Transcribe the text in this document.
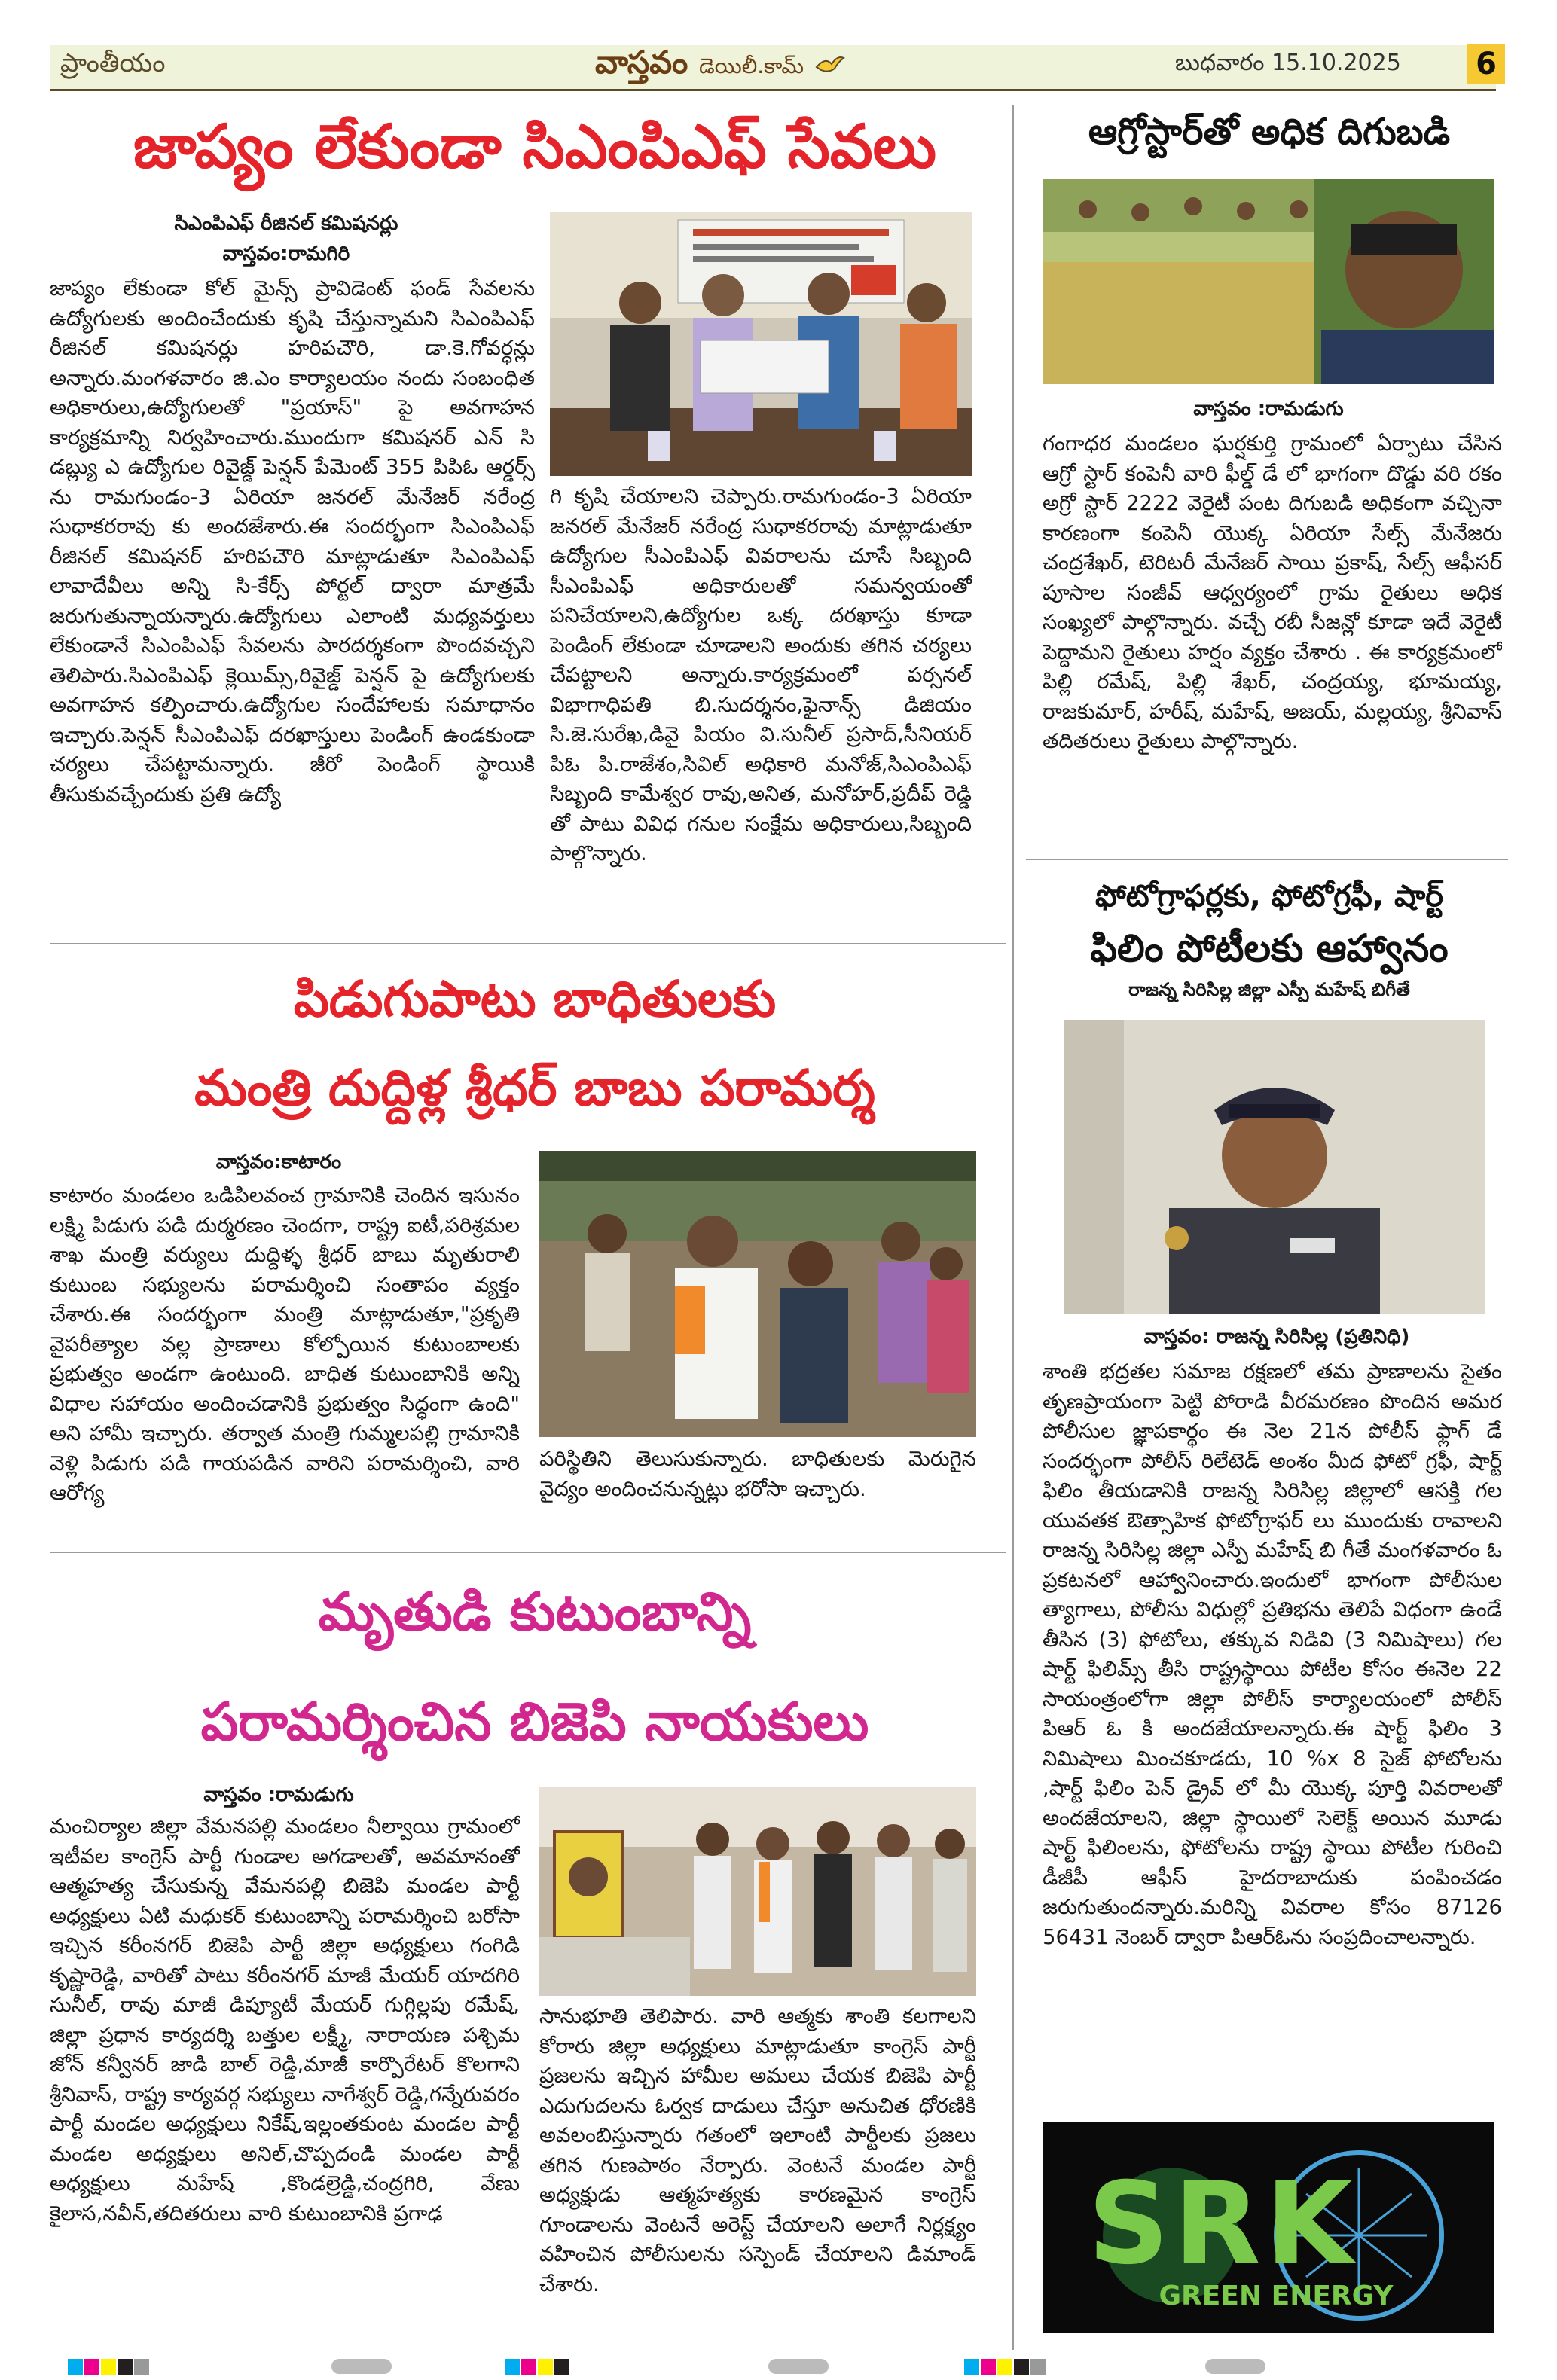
ప్రాంతీయం	వాస్తవం డెయిలీ.కామ్	బుధవారం 15.10.2025 6
జాప్యం లేకుండా సిఎంపిఎఫ్ సేవలు
సిఎంపిఎఫ్ రీజినల్ కమిషనర్లు
వాస్తవం:రామగిరి

జాప్యం లేకుండా కోల్ మైన్స్ ప్రావిడెంట్ ఫండ్ సేవలను ఉద్యోగులకు అందించేందుకు కృషి చేస్తున్నామని సిఎంపిఎఫ్ రీజినల్ కమిషనర్లు హరిపచౌరి, డా.కె.గోవర్ధన్లు అన్నారు.మంగళవారం జి.ఎం కార్యాలయం నందు సంబంధిత అధికారులు,ఉద్యోగులతో "ప్రయాస్" పై అవగాహన కార్యక్రమాన్ని నిర్వహించారు.ముందుగా కమిషనర్ ఎన్ సి డబ్ల్యు ఎ ఉద్యోగుల రివైజ్డ్ పెన్షన్ పేమెంట్ 355 పిపిఓ ఆర్డర్స్ ను రామగుండం-3 ఏరియా జనరల్ మేనేజర్ నరేంద్ర సుధాకరరావు కు అందజేశారు.ఈ సందర్భంగా సిఎంపిఎఫ్ రీజినల్ కమిషనర్ హరిపచౌరి మాట్లాడుతూ సిఎంపిఎఫ్ లావాదేవీలు అన్ని సి-కేర్స్ పోర్టల్ ద్వారా మాత్రమే జరుగుతున్నాయన్నారు.ఉద్యోగులు ఎలాంటి మధ్యవర్తులు లేకుండానే సిఎంపిఎఫ్ సేవలను పారదర్శకంగా పొందవచ్చని తెలిపారు.సిఎంపిఎఫ్ క్లెయిమ్స్,రివైజ్డ్ పెన్షన్ పై ఉద్యోగులకు అవగాహన కల్పించారు.ఉద్యోగుల సందేహాలకు సమాధానం ఇచ్చారు.పెన్షన్ సీఎంపిఎఫ్ దరఖాస్తులు పెండింగ్ ఉండకుండా చర్యలు చేపట్టామన్నారు. జీరో పెండింగ్ స్థాయికి తీసుకువచ్చేందుకు ప్రతి ఉద్యో

గి కృషి చేయాలని చెప్పారు.రామగుండం-3 ఏరియా జనరల్ మేనేజర్ నరేంద్ర సుధాకరరావు మాట్లాడుతూ ఉద్యోగుల సీఎంపిఎఫ్ వివరాలను చూసే సిబ్బంది సీఎంపిఎఫ్ అధికారులతో సమన్వయంతో పనిచేయాలని,ఉద్యోగుల ఒక్క దరఖాస్తు కూడా పెండింగ్ లేకుండా చూడాలని అందుకు తగిన చర్యలు చేపట్టాలని అన్నారు.కార్యక్రమంలో పర్సనల్ విభాగాధిపతి బి.సుదర్శనం,ఫైనాన్స్ డిజియం సి.జె.సురేఖ,డివై పియం వి.సునీల్ ప్రసాద్,సీనియర్ పిఓ పి.రాజేశం,సివిల్ అధికారి మనోజ్,సిఎంపిఎఫ్ సిబ్బంది కామేశ్వర రావు,అనిత, మనోహర్,ప్రదీప్ రెడ్డి తో పాటు వివిధ గనుల సంక్షేమ అధికారులు,సిబ్బంది పాల్గొన్నారు.

ఆగ్రోస్టార్‌తో అధిక దిగుబడి
వాస్తవం :రామడుగు

గంగాధర మండలం ఘర్షకుర్తి గ్రామంలో ఏర్పాటు చేసిన ఆగ్రో స్టార్ కంపెనీ వారి ఫీల్డ్ డే లో భాగంగా దొడ్డు వరి రకం అగ్రో స్టార్ 2222 వెరైటీ పంట దిగుబడి అధికంగా వచ్చినా కారణంగా కంపెనీ యొక్క ఏరియా సేల్స్ మేనేజరు చంద్రశేఖర్, టెరిటరీ మేనేజర్ సాయి ప్రకాష్, సేల్స్ ఆఫీసర్ పూసాల సంజీవ్ ఆధ్వర్యంలో గ్రామ రైతులు అధిక సంఖ్యలో పాల్గొన్నారు. వచ్చే రబీ సీజన్లో కూడా ఇదే వెరైటీ పెద్దామని రైతులు హర్షం వ్యక్తం చేశారు . ఈ కార్యక్రమంలో పిల్లి రమేష్, పిల్లి శేఖర్, చంద్రయ్య, భూమయ్య, రాజకుమార్, హరీష్, మహేష్, అజయ్, మల్లయ్య, శ్రీనివాస్ తదితరులు రైతులు పాల్గొన్నారు.

పిడుగుపాటు బాధితులకు
మంత్రి దుద్దిళ్ల శ్రీధర్ బాబు పరామర్శ
వాస్తవం:కాటారం

కాటారం మండలం ఒడిపిలవంచ గ్రామానికి చెందిన ఇసునం లక్ష్మి పిడుగు పడి దుర్మరణం చెందగా, రాష్ట్ర ఐటీ,పరిశ్రమల శాఖ మంత్రి వర్యులు దుద్దిళ్ళ శ్రీధర్ బాబు మృతురాలి కుటుంబ సభ్యులను పరామర్శించి సంతాపం వ్యక్తం చేశారు.ఈ సందర్భంగా మంత్రి మాట్లాడుతూ,"ప్రకృతి వైపరీత్యాల వల్ల ప్రాణాలు కోల్పోయిన కుటుంబాలకు ప్రభుత్వం అండగా ఉంటుంది. బాధిత కుటుంబానికి అన్ని విధాల సహాయం అందించడానికి ప్రభుత్వం సిద్ధంగా ఉంది" అని హామీ ఇచ్చారు. తర్వాత మంత్రి గుమ్మలపల్లి గ్రామానికి వెళ్లి పిడుగు పడి గాయపడిన వారిని పరామర్శించి, వారి ఆరోగ్య

పరిస్థితిని తెలుసుకున్నారు. బాధితులకు మెరుగైన వైద్యం అందించనున్నట్లు భరోసా ఇచ్చారు.

ఫోటోగ్రాఫర్లకు, ఫోటోగ్రఫీ, షార్ట్
ఫిలిం పోటీలకు ఆహ్వానం
రాజన్న సిరిసిల్ల జిల్లా ఎస్పీ మహేష్ బిగీతే
వాస్తవం: రాజన్న సిరిసిల్ల (ప్రతినిధి)

శాంతి భద్రతల సమాజ రక్షణలో తమ ప్రాణాలను సైతం తృణప్రాయంగా పెట్టి పోరాడి వీరమరణం పొందిన అమర పోలీసుల జ్ఞాపకార్థం ఈ నెల 21న పోలీస్ ఫ్లాగ్ డే సందర్భంగా పోలీస్ రిలేటెడ్ అంశం మీద ఫోటో గ్రఫీ, షార్ట్ ఫిలిం తీయడానికి రాజన్న సిరిసిల్ల జిల్లాలో ఆసక్తి గల యువతక ఔత్సాహిక ఫోటోగ్రాఫర్ లు ముందుకు రావాలని రాజన్న సిరిసిల్ల జిల్లా ఎస్పీ మహేష్ బి గీతే మంగళవారం ఓ ప్రకటనలో ఆహ్వానించారు.ఇందులో భాగంగా పోలీసుల త్యాగాలు, పోలీసు విధుల్లో ప్రతిభను తెలిపే విధంగా ఉండే తీసిన (3) ఫోటోలు, తక్కువ నిడివి (3 నిమిషాలు) గల షార్ట్ ఫిలిమ్స్ తీసి రాష్ట్రస్థాయి పోటీల కోసం ఈనెల 22 సాయంత్రంలోగా జిల్లా పోలీస్ కార్యాలయంలో పోలీస్ పిఆర్ ఓ కి అందజేయాలన్నారు.ఈ షార్ట్ ఫిలిం 3 నిమిషాలు మించకూడదు, 10 %x 8 సైజ్ ఫోటోలను ,షార్ట్ ఫిలిం పెన్ డ్రైవ్ లో మీ యొక్క పూర్తి వివరాలతో అందజేయాలని, జిల్లా స్థాయిలో సెలెక్ట్ అయిన మూడు షార్ట్ ఫిలింలను, ఫోటోలను రాష్ట్ర స్థాయి పోటీల గురించి డీజీపీ ఆఫీస్ హైదరాబాదుకు పంపించడం జరుగుతుందన్నారు.మరిన్ని వివరాల కోసం 87126 56431 నెంబర్ ద్వారా పిఆర్ఓను సంప్రదించాలన్నారు.

మృతుడి కుటుంబాన్ని
పరామర్శించిన బిజెపి నాయకులు
వాస్తవం :రామడుగు

మంచిర్యాల జిల్లా వేమనపల్లి మండలం నీల్వాయి గ్రామంలో ఇటీవల కాంగ్రెస్ పార్టీ గుండాల అగడాలతో, అవమానంతో ఆత్మహత్య చేసుకున్న వేమనపల్లి బిజెపి మండల పార్టీ అధ్యక్షులు ఏటి మధుకర్ కుటుంబాన్ని పరామర్శించి బరోసా ఇచ్చిన కరీంనగర్ బిజెపి పార్టీ జిల్లా అధ్యక్షులు గంగిడి కృష్ణారెడ్డి, వారితో పాటు కరీంనగర్ మాజీ మేయర్ యాదగిరి సునీల్, రావు మాజీ డిప్యూటీ మేయర్ గుగ్గిల్లపు రమేష్, జిల్లా ప్రధాన కార్యదర్శి బత్తుల లక్ష్మీ, నారాయణ పశ్చిమ జోన్ కన్వీనర్ జాడి బాల్ రెడ్డి,మాజీ కార్పొరేటర్ కొలగాని శ్రీనివాస్, రాష్ట్ర కార్యవర్గ సభ్యులు నాగేశ్వర్ రెడ్డి,గన్నేరువరం పార్టీ మండల అధ్యక్షులు నికేష్,ఇల్లంతకుంట మండల పార్టీ మండల అధ్యక్షులు అనిల్,చొప్పదండి మండల పార్టీ అధ్యక్షులు మహేష్ ,కొండల్రెడ్డి,చంద్రగిరి, వేణు కైలాస,నవీన్,తదితరులు వారి కుటుంబానికి ప్రగాఢ

సానుభూతి తెలిపారు. వారి ఆత్మకు శాంతి కలగాలని కోరారు జిల్లా అధ్యక్షులు మాట్లాడుతూ కాంగ్రెస్ పార్టీ ప్రజలను ఇచ్చిన హామీల అమలు చేయక బిజెపి పార్టీ ఎదుగుదలను ఓర్వక దాడులు చేస్తూ అనుచిత ధోరణికి అవలంబిస్తున్నారు గతంలో ఇలాంటి పార్టీలకు ప్రజలు తగిన గుణపాఠం నేర్పారు. వెంటనే మండల పార్టీ అధ్యక్షుడు ఆత్మహత్యకు కారణమైన కాంగ్రెస్ గూండాలను వెంటనే అరెస్ట్ చేయాలని అలాగే నిర్లక్ష్యం వహించిన పోలీసులను సస్పెండ్ చేయాలని డిమాండ్ చేశారు.	SRK
GREEN ENERGY
